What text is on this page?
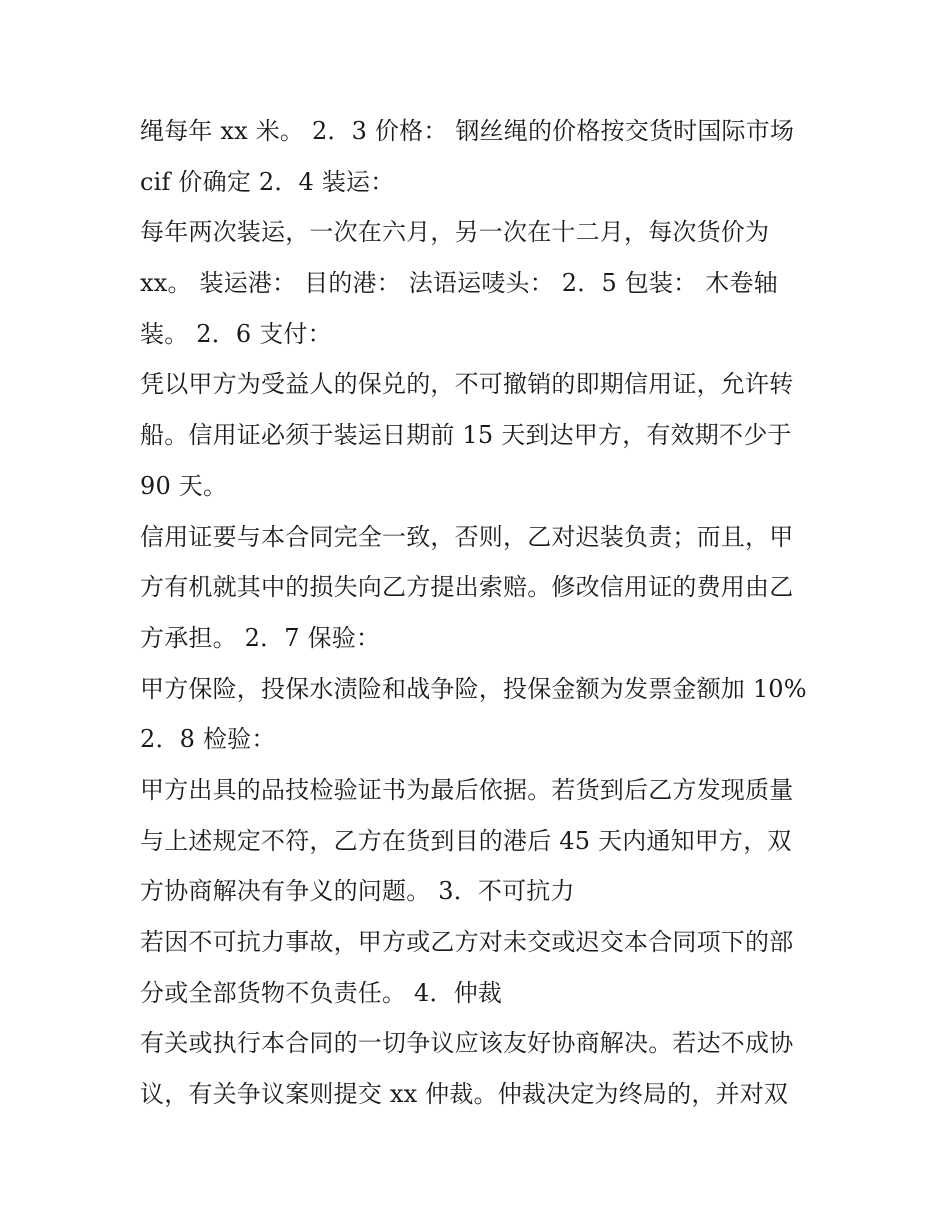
绳每年 xx 米。 2．3 价格： 钢丝绳的价格按交货时国际市场
cif 价确定 2．4 装运：
每年两次装运，一次在六月，另一次在十二月，每次货价为
xx。 装运港： 目的港： 法语运唛头： 2．5 包装： 木卷轴
装。 2．6 支付：
凭以甲方为受益人的保兑的，不可撤销的即期信用证，允许转
船。信用证必须于装运日期前 15 天到达甲方，有效期不少于
90 天。
信用证要与本合同完全一致，否则，乙对迟装负责；而且，甲
方有机就其中的损失向乙方提出索赔。修改信用证的费用由乙
方承担。 2．7 保验：
甲方保险，投保水渍险和战争险，投保金额为发票金额加 10%
2．8 检验：
甲方出具的品技检验证书为最后依据。若货到后乙方发现质量
与上述规定不符，乙方在货到目的港后 45 天内通知甲方，双
方协商解决有争义的问题。 3．不可抗力
若因不可抗力事故，甲方或乙方对未交或迟交本合同项下的部
分或全部货物不负责任。 4．仲裁
有关或执行本合同的一切争议应该友好协商解决。若达不成协
议，有关争议案则提交 xx 仲裁。仲裁决定为终局的，并对双
